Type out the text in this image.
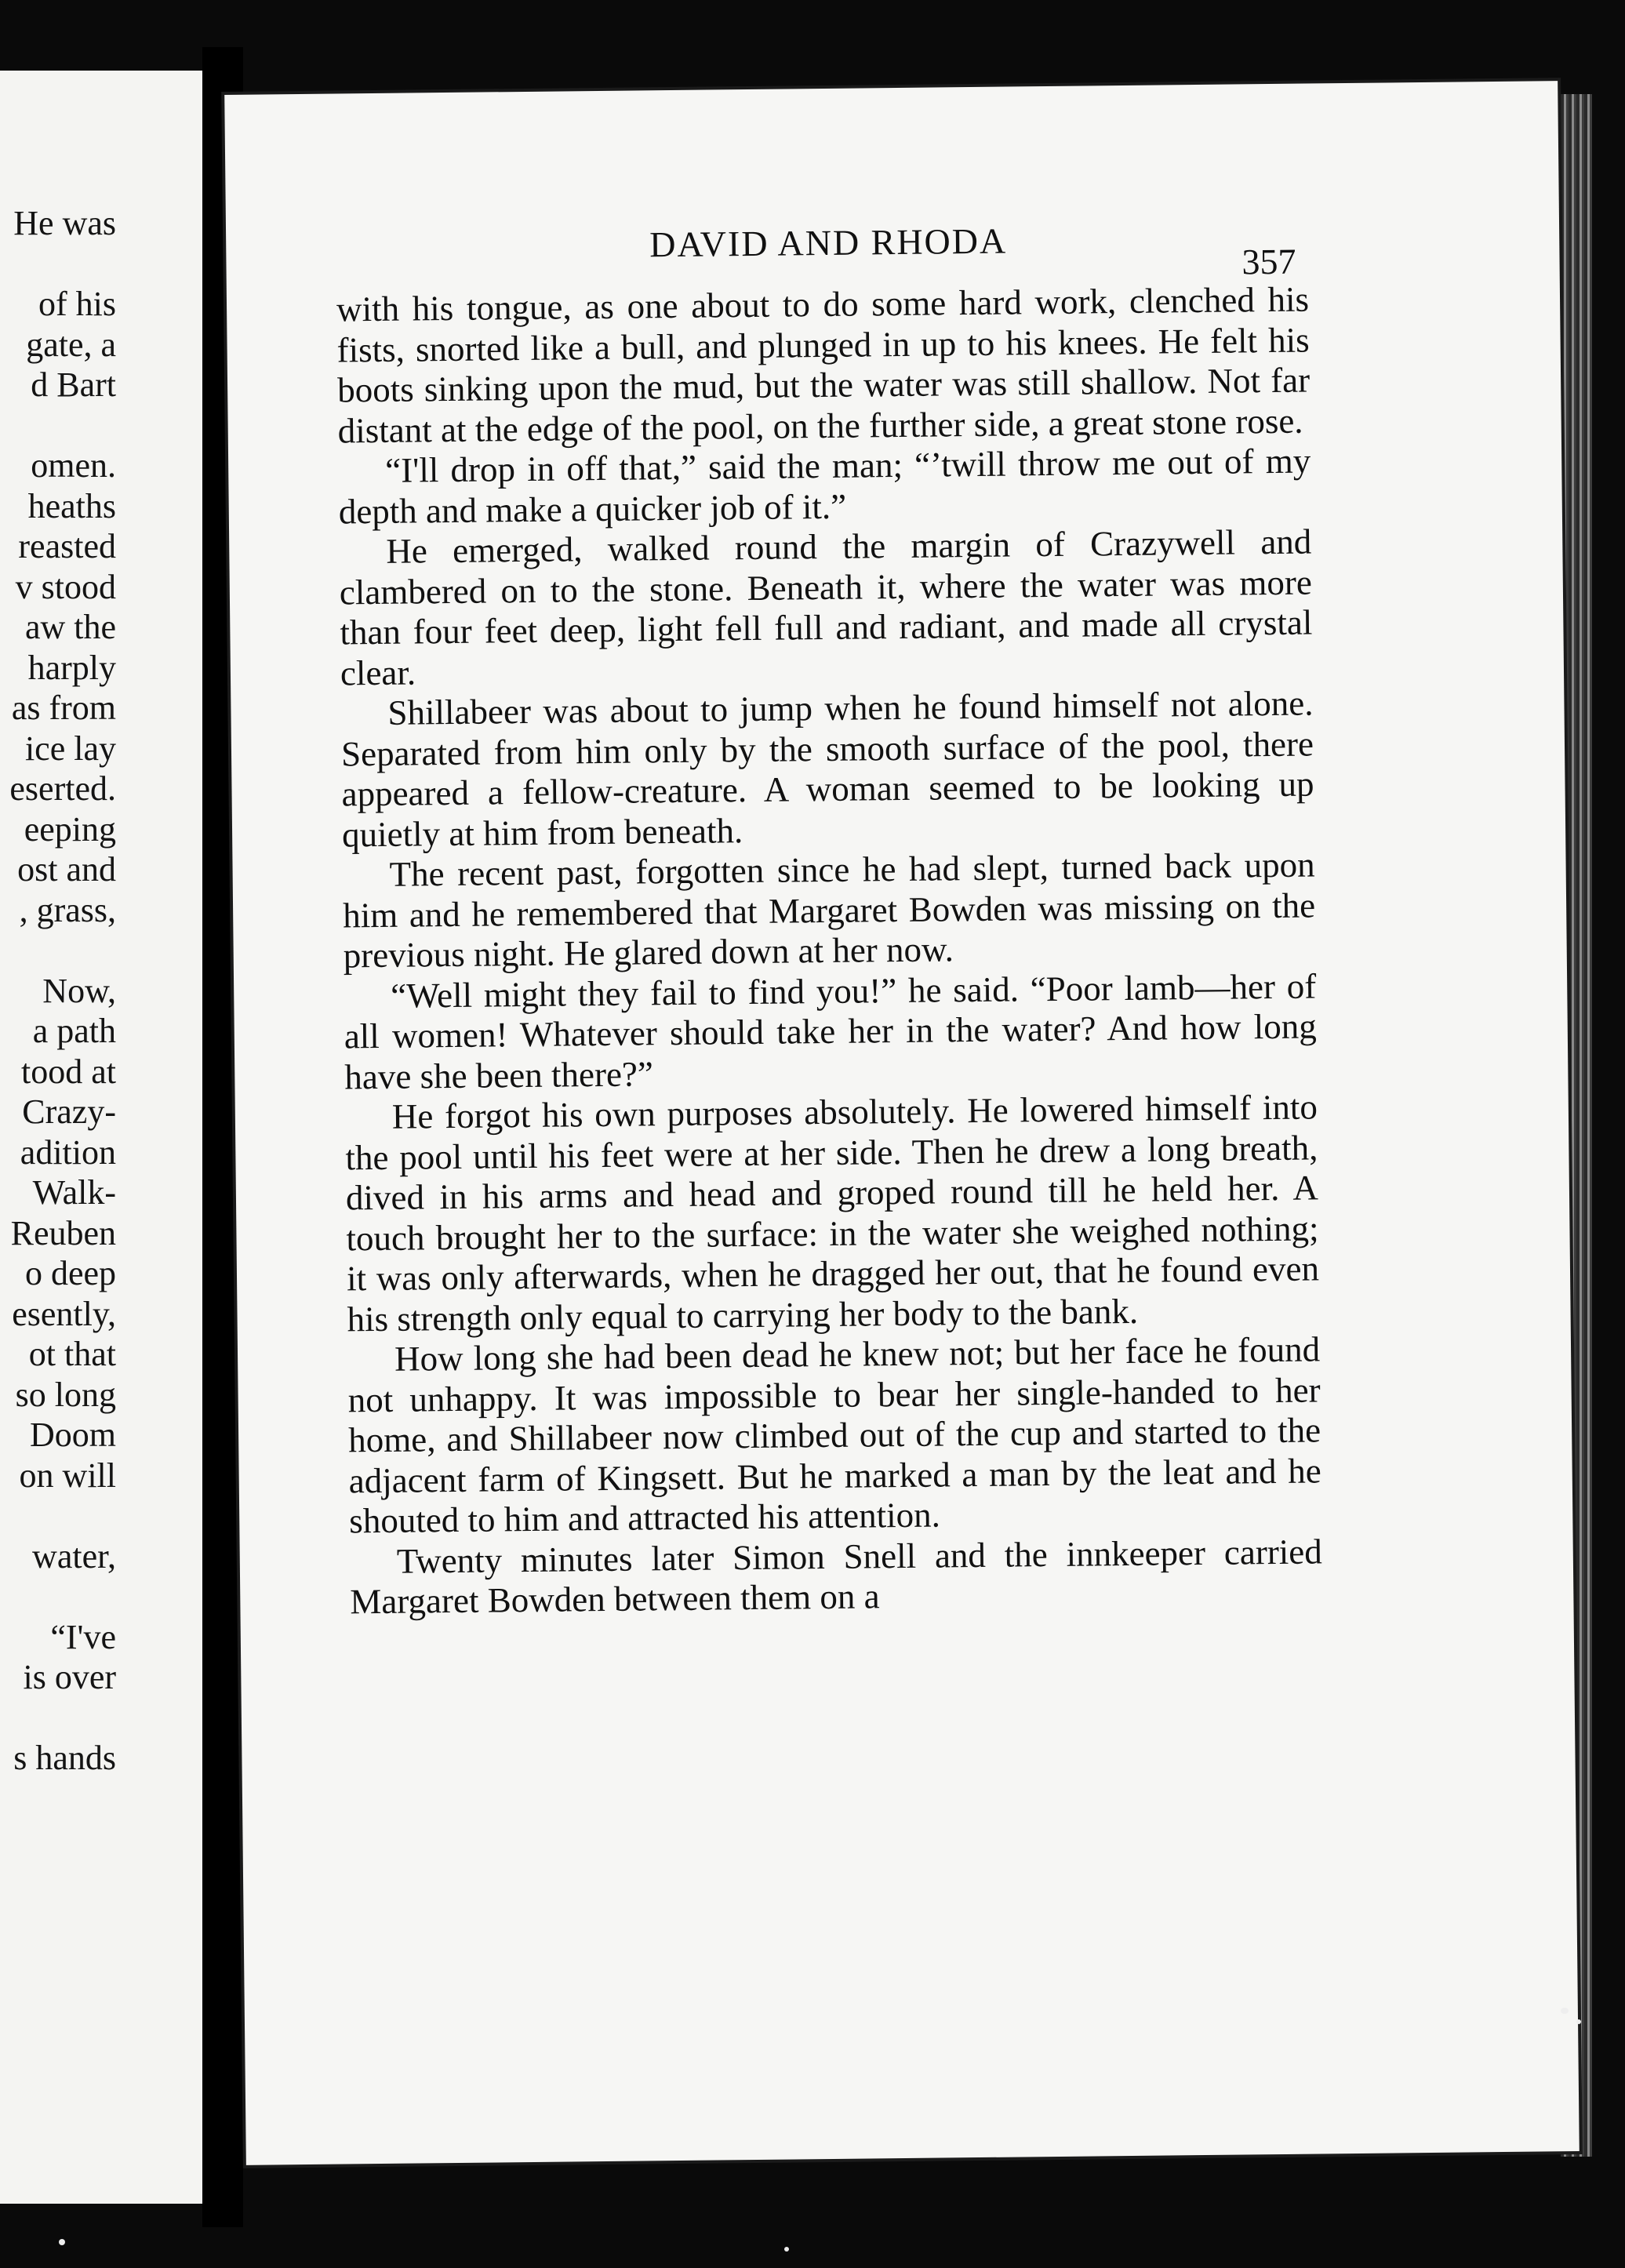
He was
of his
gate, a
d Bart
omen.
heaths
reasted
v stood
aw the
harply
as from
ice lay
eserted.
eeping
ost and
, grass,
Now,
a path
tood at
Crazy-
adition
Walk-
Reuben
o deep
esently,
ot that
so long
Doom
on will
water,
“I've
is over
s hands
DAVID AND RHODA	357

with his tongue, as one about to do some hard work, clenched his fists, snorted like a bull, and plunged in up to his knees. He felt his boots sinking upon the mud, but the water was still shallow. Not far distant at the edge of the pool, on the further side, a great stone rose.

“I'll drop in off that,” said the man; “’twill throw me out of my depth and make a quicker job of it.”

He emerged, walked round the margin of Crazywell and clambered on to the stone. Beneath it, where the water was more than four feet deep, light fell full and radiant, and made all crystal clear.

Shillabeer was about to jump when he found himself not alone. Separated from him only by the smooth surface of the pool, there appeared a fellow-creature. A woman seemed to be looking up quietly at him from beneath.

The recent past, forgotten since he had slept, turned back upon him and he remembered that Margaret Bowden was missing on the previous night. He glared down at her now.

“Well might they fail to find you!” he said. “Poor lamb—her of all women! Whatever should take her in the water? And how long have she been there?”

He forgot his own purposes absolutely. He lowered himself into the pool until his feet were at her side. Then he drew a long breath, dived in his arms and head and groped round till he held her. A touch brought her to the surface: in the water she weighed nothing; it was only afterwards, when he dragged her out, that he found even his strength only equal to carrying her body to the bank.

How long she had been dead he knew not; but her face he found not unhappy. It was impossible to bear her single-handed to her home, and Shillabeer now climbed out of the cup and started to the adjacent farm of Kingsett. But he marked a man by the leat and he shouted to him and attracted his attention.

Twenty minutes later Simon Snell and the innkeeper carried Margaret Bowden between them on a
